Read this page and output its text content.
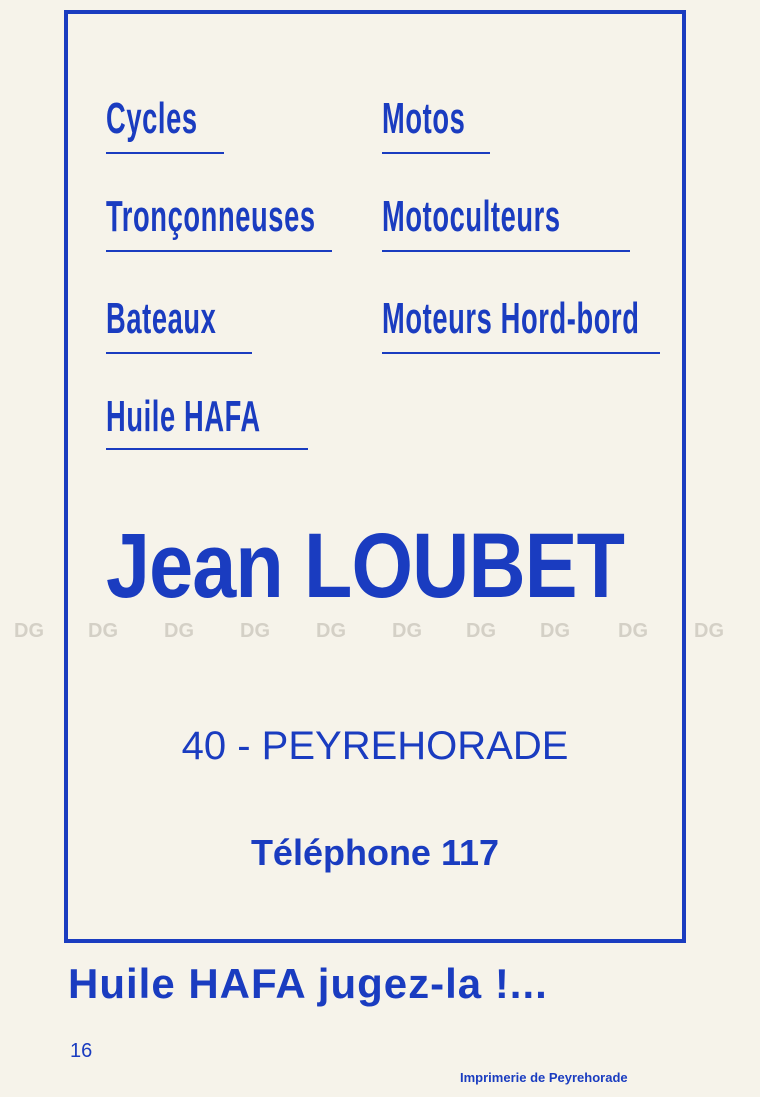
DG DG DG DG DG DG DG DG DG DG
Cycles	Motos
Tronçonneuses Motoculteurs
Bateaux	Moteurs Hord-bord
Huile HAFA
Jean LOUBET
40 - PEYREHORADE
Téléphone 117
Huile HAFA jugez-la !...
16
Imprimerie de Peyrehorade
